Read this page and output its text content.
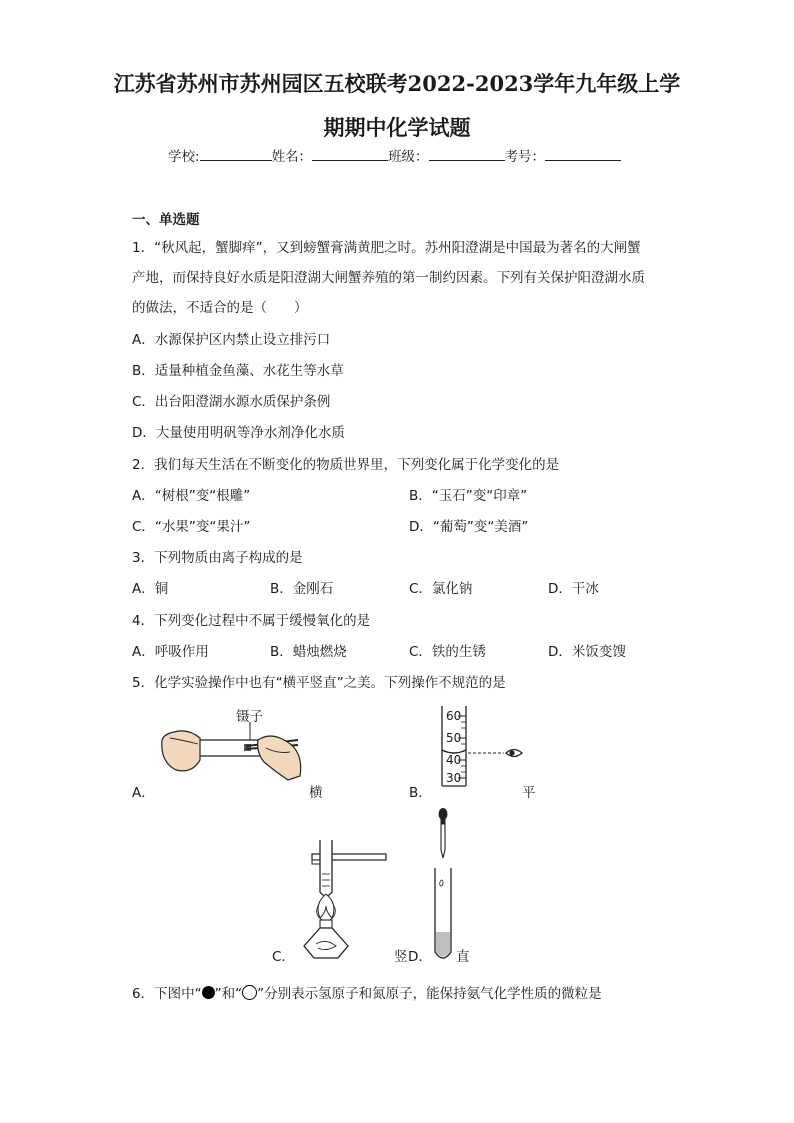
江苏省苏州市苏州园区五校联考2022-2023学年九年级上学
期期中化学试题
学校:	姓名：	班级：	考号：
一、单选题
1．“秋风起，蟹脚痒”，又到螃蟹膏满黄肥之时。苏州阳澄湖是中国最为著名的大闸蟹
产地，而保持良好水质是阳澄湖大闸蟹养殖的第一制约因素。下列有关保护阳澄湖水质
的做法，不适合的是（　　）
A．水源保护区内禁止设立排污口
B．适量种植金鱼藻、水花生等水草
C．出台阳澄湖水源水质保护条例
D．大量使用明矾等净水剂净化水质
2．我们每天生活在不断变化的物质世界里，下列变化属于化学变化的是
A．“树根”变“根雕”	B．“玉石”变“印章”
C．“水果”变“果汁”	D．“葡萄”变“美酒”
3．下列物质由离子构成的是
A．铜	B．金刚石	C．氯化钠	D．干冰
4．下列变化过程中不属于缓慢氧化的是
A．呼吸作用	B．蜡烛燃烧	C．铁的生锈	D．米饭变馊
5．化学实验操作中也有“横平竖直”之美。下列操作不规范的是
A．
镊子
横	B．
60
50
40
30
平
C．	竖 D． 直
6．下图中“ ”和“ ”分别表示氢原子和氮原子，能保持氨气化学性质的微粒是
